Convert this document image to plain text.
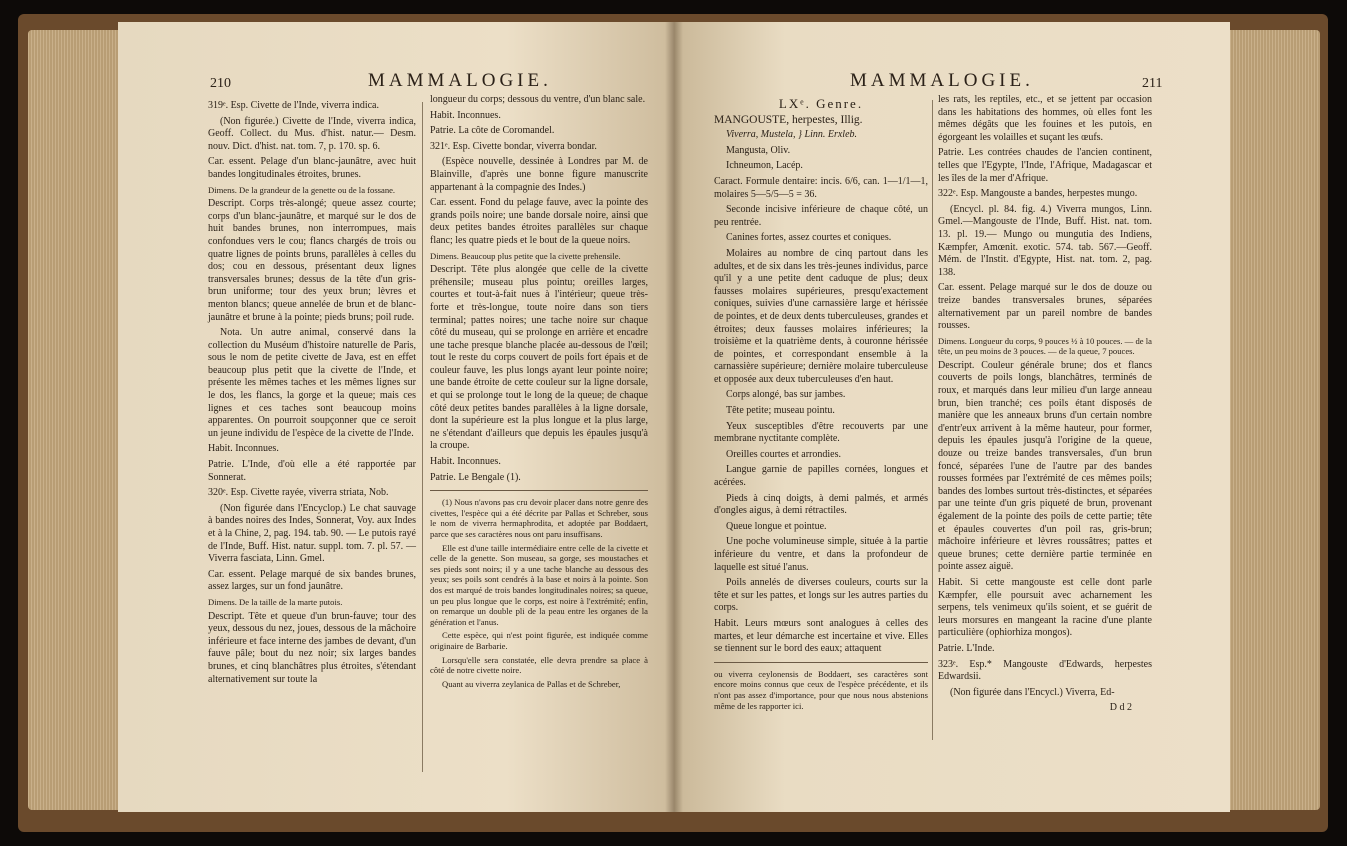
210	MAMMALOGIE.

319ᵉ. Esp. Civette de l'Inde, viverra indica.

(Non figurée.) Civette de l'Inde, viverra indica, Geoff. Collect. du Mus. d'hist. natur.— Desm. nouv. Dict. d'hist. nat. tom. 7, p. 170. sp. 6.

Car. essent. Pelage d'un blanc-jaunâtre, avec huit bandes longitudinales étroites, brunes.

Dimens. De la grandeur de la genette ou de la fossane.

Descript. Corps très-alongé; queue assez courte; corps d'un blanc-jaunâtre, et marqué sur le dos de huit bandes brunes, non interrompues, mais confondues vers le cou; flancs chargés de trois ou quatre lignes de points bruns, parallèles à celles du dos; cou en dessous, présentant deux lignes transversales brunes; dessus de la tête d'un gris-brun uniforme; tour des yeux brun; lèvres et menton blancs; queue annelée de brun et de blanc-jaunâtre et brune à la pointe; pieds bruns; poil rude.

Nota. Un autre animal, conservé dans la collection du Muséum d'histoire naturelle de Paris, sous le nom de petite civette de Java, est en effet beaucoup plus petit que la civette de l'Inde, et présente les mêmes taches et les mêmes lignes sur le dos, les flancs, la gorge et la queue; mais ces lignes et ces taches sont beaucoup moins apparentes. On pourroit soupçonner que ce seroit un jeune individu de l'espèce de la civette de l'Inde.

Habit. Inconnues.

Patrie. L'Inde, d'où elle a été rapportée par Sonnerat.

320ᵉ. Esp. Civette rayée, viverra striata, Nob.

(Non figurée dans l'Encyclop.) Le chat sauvage à bandes noires des Indes, Sonnerat, Voy. aux Indes et à la Chine, 2, pag. 194. tab. 90. — Le putois rayé de l'Inde, Buff. Hist. natur. suppl. tom. 7. pl. 57. — Viverra fasciata, Linn. Gmel.

Car. essent. Pelage marqué de six bandes brunes, assez larges, sur un fond jaunâtre.

Dimens. De la taille de la marte putois.

Descript. Tête et queue d'un brun-fauve; tour des yeux, dessous du nez, joues, dessous de la mâchoire inférieure et face interne des jambes de devant, d'un fauve pâle; bout du nez noir; six larges bandes brunes, et cinq blanchâtres plus étroites, s'étendant alternativement sur toute la

longueur du corps; dessous du ventre, d'un blanc sale.

Habit. Inconnues.

Patrie. La côte de Coromandel.

321ᵉ. Esp. Civette bondar, viverra bondar.

(Espèce nouvelle, dessinée à Londres par M. de Blainville, d'après une bonne figure manuscrite appartenant à la compagnie des Indes.)

Car. essent. Fond du pelage fauve, avec la pointe des grands poils noire; une bande dorsale noire, ainsi que deux petites bandes étroites parallèles sur chaque flanc; les quatre pieds et le bout de la queue noirs.

Dimens. Beaucoup plus petite que la civette prehensile.

Descript. Tête plus alongée que celle de la civette préhensile; museau plus pointu; oreilles larges, courtes et tout-à-fait nues à l'intérieur; queue très-forte et très-longue, toute noire dans son tiers terminal; pattes noires; une tache noire sur chaque côté du museau, qui se prolonge en arrière et encadre une tache presque blanche placée au-dessous de l'œil; tout le reste du corps couvert de poils fort épais et de couleur fauve, les plus longs ayant leur pointe noire; une bande étroite de cette couleur sur la ligne dorsale, et qui se prolonge tout le long de la queue; de chaque côté deux petites bandes parallèles à la ligne dorsale, dont la supérieure est la plus longue et la plus large, ne s'étendant d'ailleurs que depuis les épaules jusqu'à la croupe.

Habit. Inconnues.

Patrie. Le Bengale (1).

(1) Nous n'avons pas cru devoir placer dans notre genre des civettes, l'espèce qui a été décrite par Pallas et Schreber, sous le nom de viverra hermaphrodita, et adoptée par Boddaert, parce que ses caractères nous ont paru insuffisans.

Elle est d'une taille intermédiaire entre celle de la civette et celle de la genette. Son museau, sa gorge, ses moustaches et ses pieds sont noirs; il y a une tache blanche au dessous des yeux; ses poils sont cendrés à la base et noirs à la pointe. Son dos est marqué de trois bandes longitudinales noires; sa queue, un peu plus longue que le corps, est noire à l'extrémité; enfin, on remarque un double pli de la peau entre les organes de la génération et l'anus.

Cette espèce, qui n'est point figurée, est indiquée comme originaire de Barbarie.

Lorsqu'elle sera constatée, elle devra prendre sa place à côté de notre civette noire.

Quant au viverra zeylanica de Pallas et de Schreber,

MAMMALOGIE.	211

LXᵉ. Genre.

MANGOUSTE, herpestes, Illig.

Viverra, Mustela, } Linn. Erxleb.

Mangusta, Oliv.

Ichneumon, Lacép.

Caract. Formule dentaire: incis. 6/6, can. 1—1/1—1, molaires 5—5/5—5 = 36.

Seconde incisive inférieure de chaque côté, un peu rentrée.

Canines fortes, assez courtes et coniques.

Molaires au nombre de cinq partout dans les adultes, et de six dans les très-jeunes individus, parce qu'il y a une petite dent caduque de plus; deux fausses molaires supérieures, presqu'exactement coniques, suivies d'une carnassière large et hérissée de pointes, et de deux dents tuberculeuses, grandes et étroites; deux fausses molaires inférieures; la troisième et la quatrième dents, à couronne hérissée de pointes, et correspondant ensemble à la carnassière supérieure; dernière molaire tuberculeuse et opposée aux deux tuberculeuses d'en haut.

Corps alongé, bas sur jambes.

Tête petite; museau pointu.

Yeux susceptibles d'être recouverts par une membrane nyctitante complète.

Oreilles courtes et arrondies.

Langue garnie de papilles cornées, longues et acérées.

Pieds à cinq doigts, à demi palmés, et armés d'ongles aigus, à demi rétractiles.

Queue longue et pointue.

Une poche volumineuse simple, située à la partie inférieure du ventre, et dans la profondeur de laquelle est situé l'anus.

Poils annelés de diverses couleurs, courts sur la tête et sur les pattes, et longs sur les autres parties du corps.

Habit. Leurs mœurs sont analogues à celles des martes, et leur démarche est incertaine et vive. Elles se tiennent sur le bord des eaux; attaquent

ou viverra ceylonensis de Boddaert, ses caractères sont encore moins connus que ceux de l'espèce précédente, et ils n'ont pas assez d'importance, pour que nous nous abstenions même de les rapporter ici.

les rats, les reptiles, etc., et se jettent par occasion dans les habitations des hommes, où elles font les mêmes dégâts que les fouines et les putois, en égorgeant les volailles et suçant les œufs.

Patrie. Les contrées chaudes de l'ancien continent, telles que l'Egypte, l'Inde, l'Afrique, Madagascar et les îles de la mer d'Afrique.

322ᵉ. Esp. Mangouste a bandes, herpestes mungo.

(Encycl. pl. 84. fig. 4.) Viverra mungos, Linn. Gmel.—Mangouste de l'Inde, Buff. Hist. nat. tom. 13. pl. 19.— Mungo ou mungutia des Indiens, Kæmpfer, Amœnit. exotic. 574. tab. 567.—Geoff. Mém. de l'Instit. d'Egypte, Hist. nat. tom. 2, pag. 138.

Car. essent. Pelage marqué sur le dos de douze ou treize bandes transversales brunes, séparées alternativement par un pareil nombre de bandes rousses.

Dimens. Longueur du corps, 9 pouces ½ à 10 pouces. — de la tête, un peu moins de 3 pouces. — de la queue, 7 pouces.

Descript. Couleur générale brune; dos et flancs couverts de poils longs, blanchâtres, terminés de roux, et marqués dans leur milieu d'un large anneau brun, bien tranché; ces poils étant disposés de manière que les anneaux bruns d'un certain nombre d'entr'eux arrivent à la même hauteur, pour former, depuis les épaules jusqu'à l'origine de la queue, douze ou treize bandes transversales, d'un brun foncé, séparées l'une de l'autre par des bandes rousses formées par l'extrémité de ces mêmes poils; bandes des lombes surtout très-distinctes, et séparées par une teinte d'un gris piqueté de brun, provenant également de la pointe des poils de cette partie; tête et épaules couvertes d'un poil ras, gris-brun; mâchoire inférieure et lèvres roussâtres; pattes et queue brunes; cette dernière partie terminée en pointe assez aiguë.

Habit. Si cette mangouste est celle dont parle Kæmpfer, elle poursuit avec acharnement les serpens, tels venimeux qu'ils soient, et se guérit de leurs morsures en mangeant la racine d'une plante particulière (ophiorhiza mongos).

Patrie. L'Inde.

323ᵉ. Esp.* Mangouste d'Edwards, herpestes Edwardsii.

(Non figurée dans l'Encycl.) Viverra, Ed-

D d 2
